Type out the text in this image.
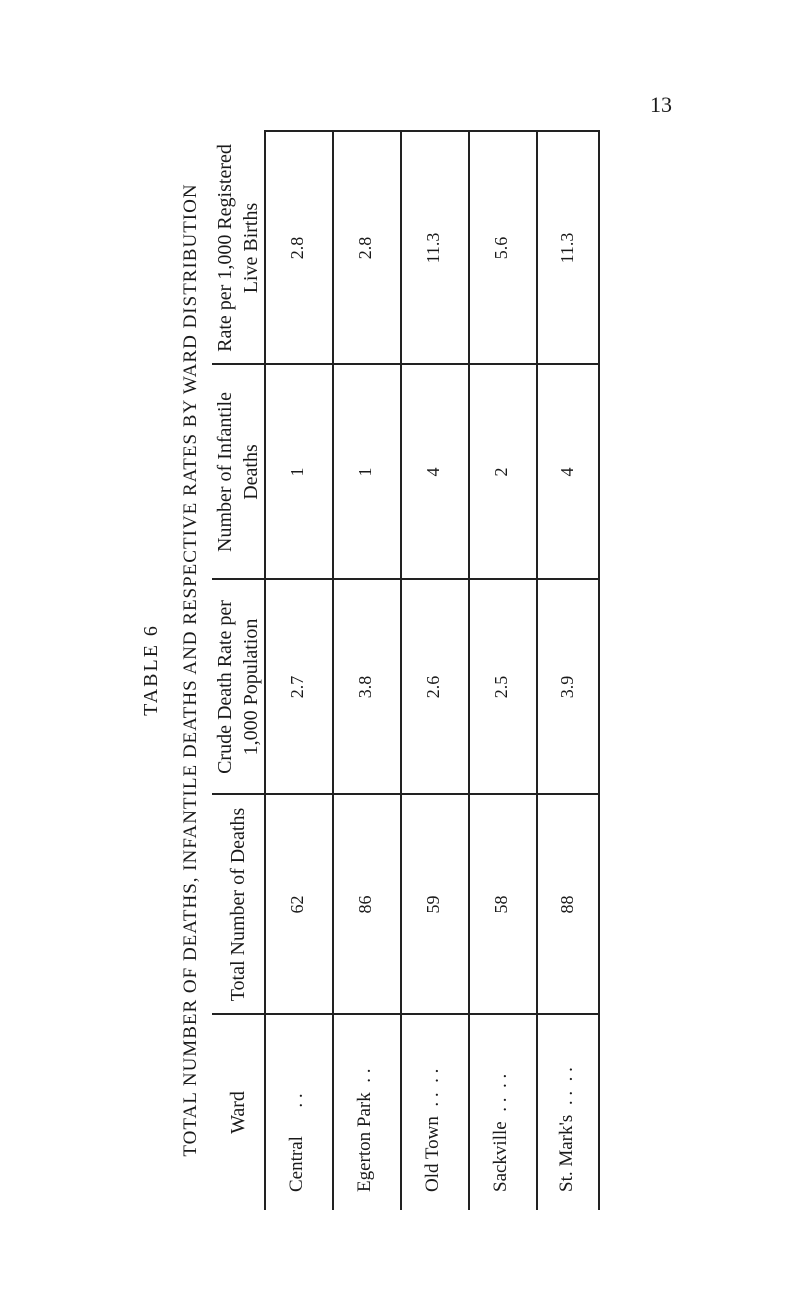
13
TABLE 6 TOTAL NUMBER OF DEATHS, INFANTILE DEATHS AND RESPECTIVE RATES BY WARD DISTRIBUTION	Ward
Total Number of Deaths
Crude Death Rate per 1,000 Population
Number of Infantile Deaths
Rate per 1,000 Registered Live Births
Central      . .
62
2.7
1
2.8
Egerton Park  . .
86
3.8
1
2.8
Old Town  . .  . .
59
2.6
4
11.3
Sackville  . .  . .
58
2.5
2
5.6
St. Mark's  . .  . .
88
3.9
4
11.3
